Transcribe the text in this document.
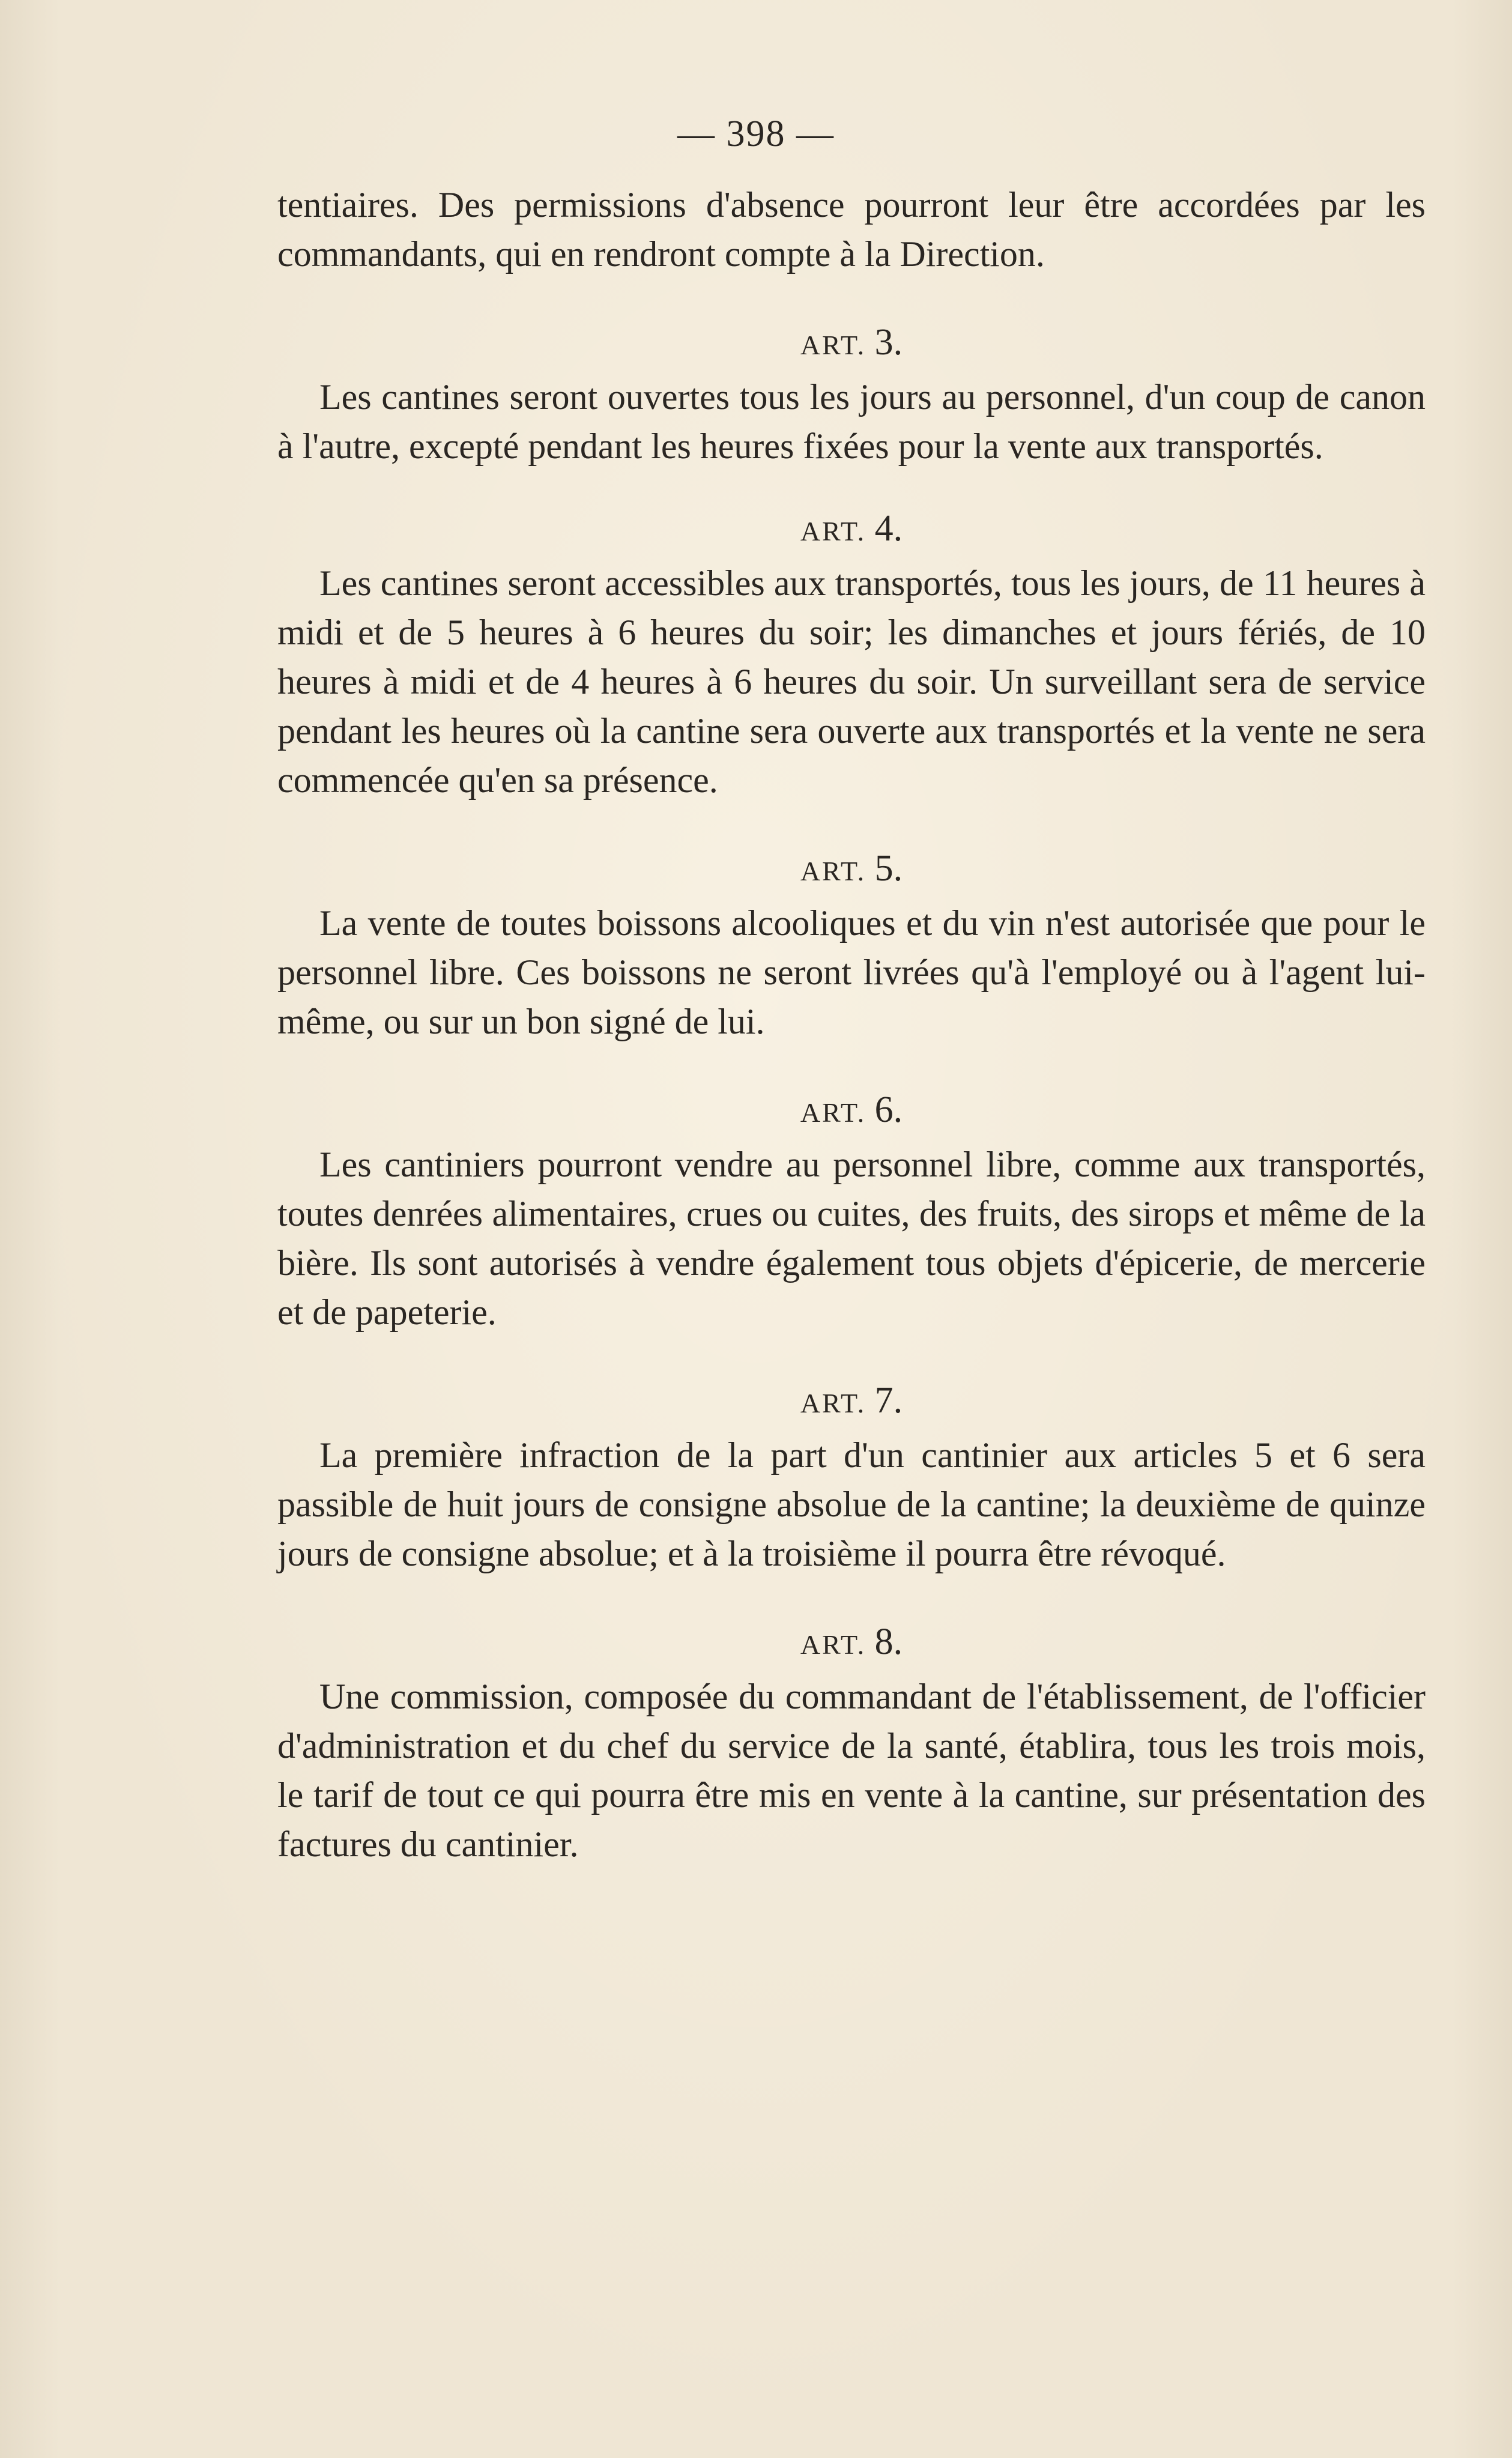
— 398 —

tentiaires. Des permissions d'absence pourront leur être accordées par les commandants, qui en rendront compte à la Direction.

ART. 3.

Les cantines seront ouvertes tous les jours au personnel, d'un coup de canon à l'autre, excepté pendant les heures fixées pour la vente aux transportés.

ART. 4.

Les cantines seront accessibles aux transportés, tous les jours, de 11 heures à midi et de 5 heures à 6 heures du soir; les dimanches et jours fériés, de 10 heures à midi et de 4 heures à 6 heures du soir. Un surveillant sera de service pendant les heures où la cantine sera ouverte aux transportés et la vente ne sera commencée qu'en sa présence.

ART. 5.

La vente de toutes boissons alcooliques et du vin n'est autorisée que pour le personnel libre. Ces boissons ne seront livrées qu'à l'employé ou à l'agent lui-même, ou sur un bon signé de lui.

ART. 6.

Les cantiniers pourront vendre au personnel libre, comme aux transportés, toutes denrées alimentaires, crues ou cuites, des fruits, des sirops et même de la bière. Ils sont autorisés à vendre également tous objets d'épicerie, de mercerie et de papeterie.

ART. 7.

La première infraction de la part d'un cantinier aux articles 5 et 6 sera passible de huit jours de consigne absolue de la cantine; la deuxième de quinze jours de consigne absolue; et à la troisième il pourra être révoqué.

ART. 8.

Une commission, composée du commandant de l'établissement, de l'officier d'administration et du chef du service de la santé, établira, tous les trois mois, le tarif de tout ce qui pourra être mis en vente à la cantine, sur présentation des factures du cantinier.
